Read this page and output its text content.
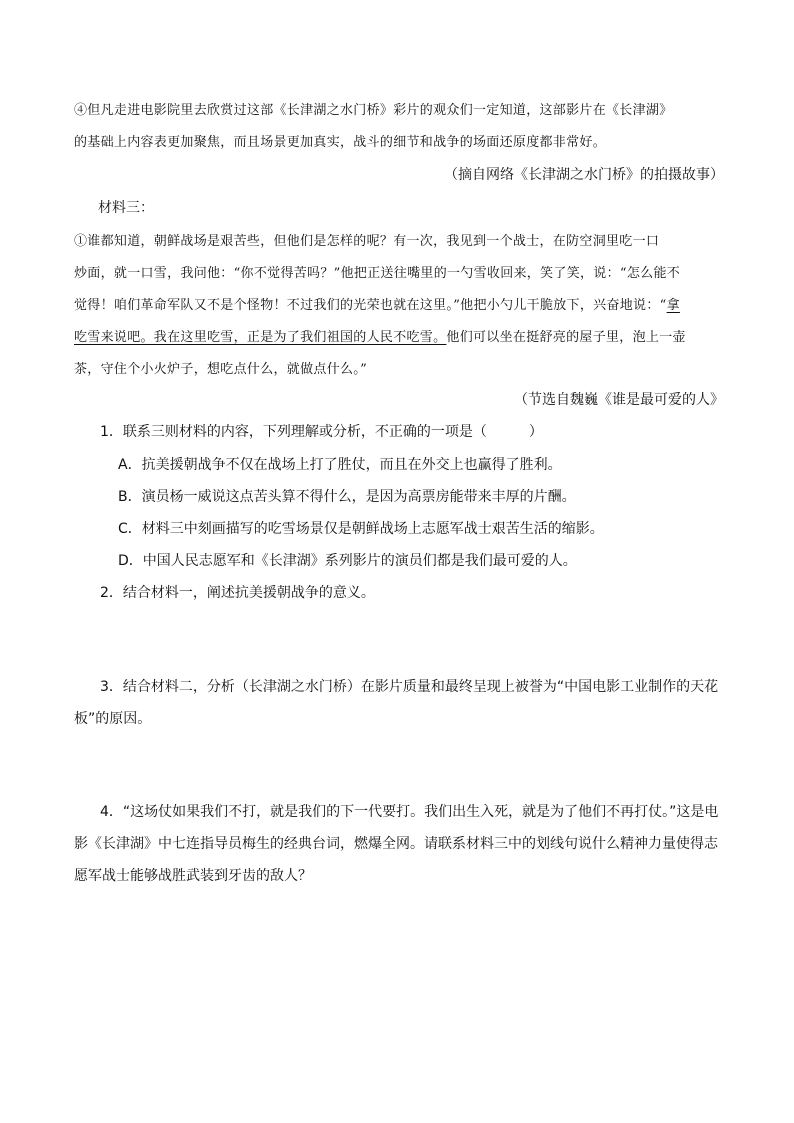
④但凡走进电影院里去欣赏过这部《长津湖之水门桥》彩片的观众们一定知道，这部影片在《长津湖》
的基础上内容表更加聚焦，而且场景更加真实，战斗的细节和战争的场面还原度都非常好。
（摘自网络《长津湖之水门桥》的拍摄故事）
材料三：
①谁都知道，朝鲜战场是艰苦些，但他们是怎样的呢？有一次，我见到一个战士，在防空洞里吃一口
炒面，就一口雪，我问他：“你不觉得苦吗？”他把正送往嘴里的一勺雪收回来，笑了笑，说：“怎么能不
觉得！咱们革命军队又不是个怪物！不过我们的光荣也就在这里。”他把小勺儿干脆放下，兴奋地说：“拿
吃雪来说吧。我在这里吃雪，正是为了我们祖国的人民不吃雪。他们可以坐在挺舒亮的屋子里，泡上一壶
茶，守住个小火炉子，想吃点什么，就做点什么。”
（节选自魏巍《谁是最可爱的人》
1．联系三则材料的内容，下列理解或分析，不正确的一项是（　　　）
A．抗美援朝战争不仅在战场上打了胜仗，而且在外交上也赢得了胜利。
B．演员杨一威说这点苦头算不得什么，是因为高票房能带来丰厚的片酬。
C．材料三中刻画描写的吃雪场景仅是朝鲜战场上志愿军战士艰苦生活的缩影。
D．中国人民志愿军和《长津湖》系列影片的演员们都是我们最可爱的人。
2．结合材料一，阐述抗美援朝战争的意义。
3．结合材料二，分析（长津湖之水门桥）在影片质量和最终呈现上被誉为“中国电影工业制作的天花
板”的原因。
4．“这场仗如果我们不打，就是我们的下一代要打。我们出生入死，就是为了他们不再打仗。”这是电
影《长津湖》中七连指导员梅生的经典台词，燃爆全网。请联系材料三中的划线句说什么精神力量使得志
愿军战士能够战胜武装到牙齿的敌人？
